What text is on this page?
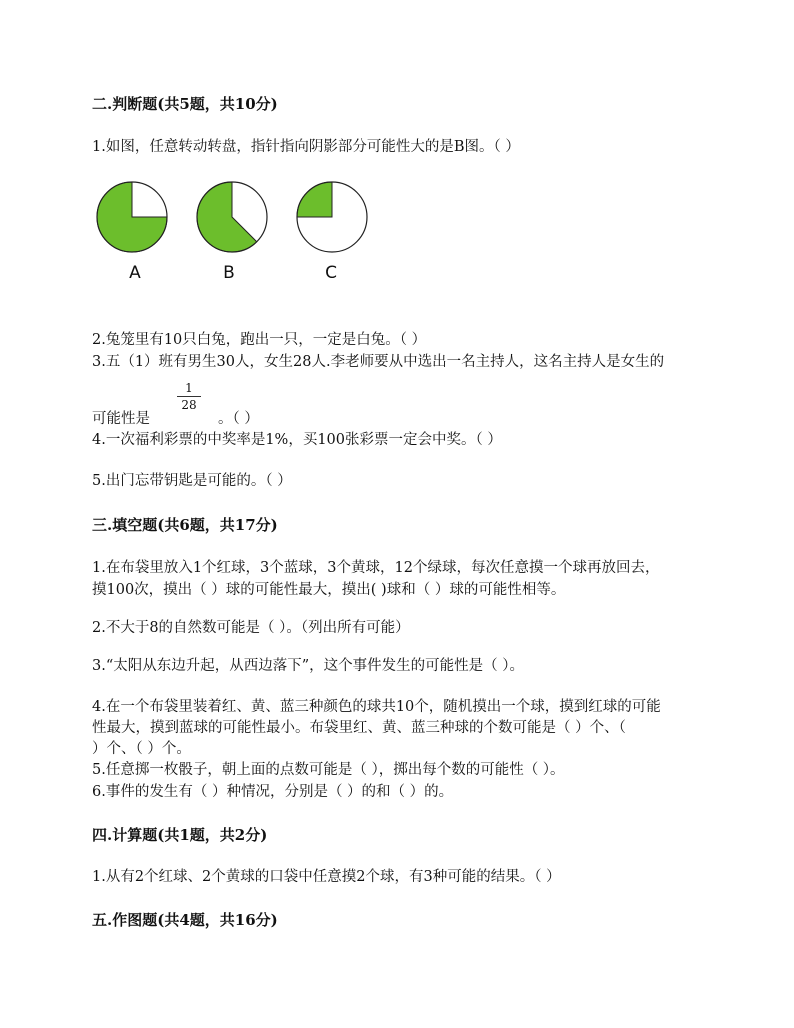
二.判断题(共5题，共10分)
1.如图，任意转动转盘，指针指向阴影部分可能性大的是B图。（ ）
A	B	C
2.兔笼里有10只白兔，跑出一只，一定是白兔。（ ）
3.五（1）班有男生30人，女生28人.李老师要从中选出一名主持人，这名主持人是女生的
可能性是
1
28
。（ ）
4.一次福利彩票的中奖率是1%，买100张彩票一定会中奖。（ ）
5.出门忘带钥匙是可能的。（ ）
三.填空题(共6题，共17分)
1.在布袋里放入1个红球，3个蓝球，3个黄球，12个绿球，每次任意摸一个球再放回去，
摸100次，摸出（ ）球的可能性最大，摸出( )球和（ ）球的可能性相等。
2.不大于8的自然数可能是（ ）。（列出所有可能）
3.“太阳从东边升起，从西边落下”，这个事件发生的可能性是（ ）。
4.在一个布袋里装着红、黄、蓝三种颜色的球共10个，随机摸出一个球，摸到红球的可能
性最大，摸到蓝球的可能性最小。布袋里红、黄、蓝三种球的个数可能是（ ）个、（
）个、（ ）个。
5.任意掷一枚骰子，朝上面的点数可能是（ ），掷出每个数的可能性（ ）。
6.事件的发生有（ ）种情况，分别是（ ）的和（ ）的。
四.计算题(共1题，共2分)
1.从有2个红球、2个黄球的口袋中任意摸2个球，有3种可能的结果。（ ）
五.作图题(共4题，共16分)
